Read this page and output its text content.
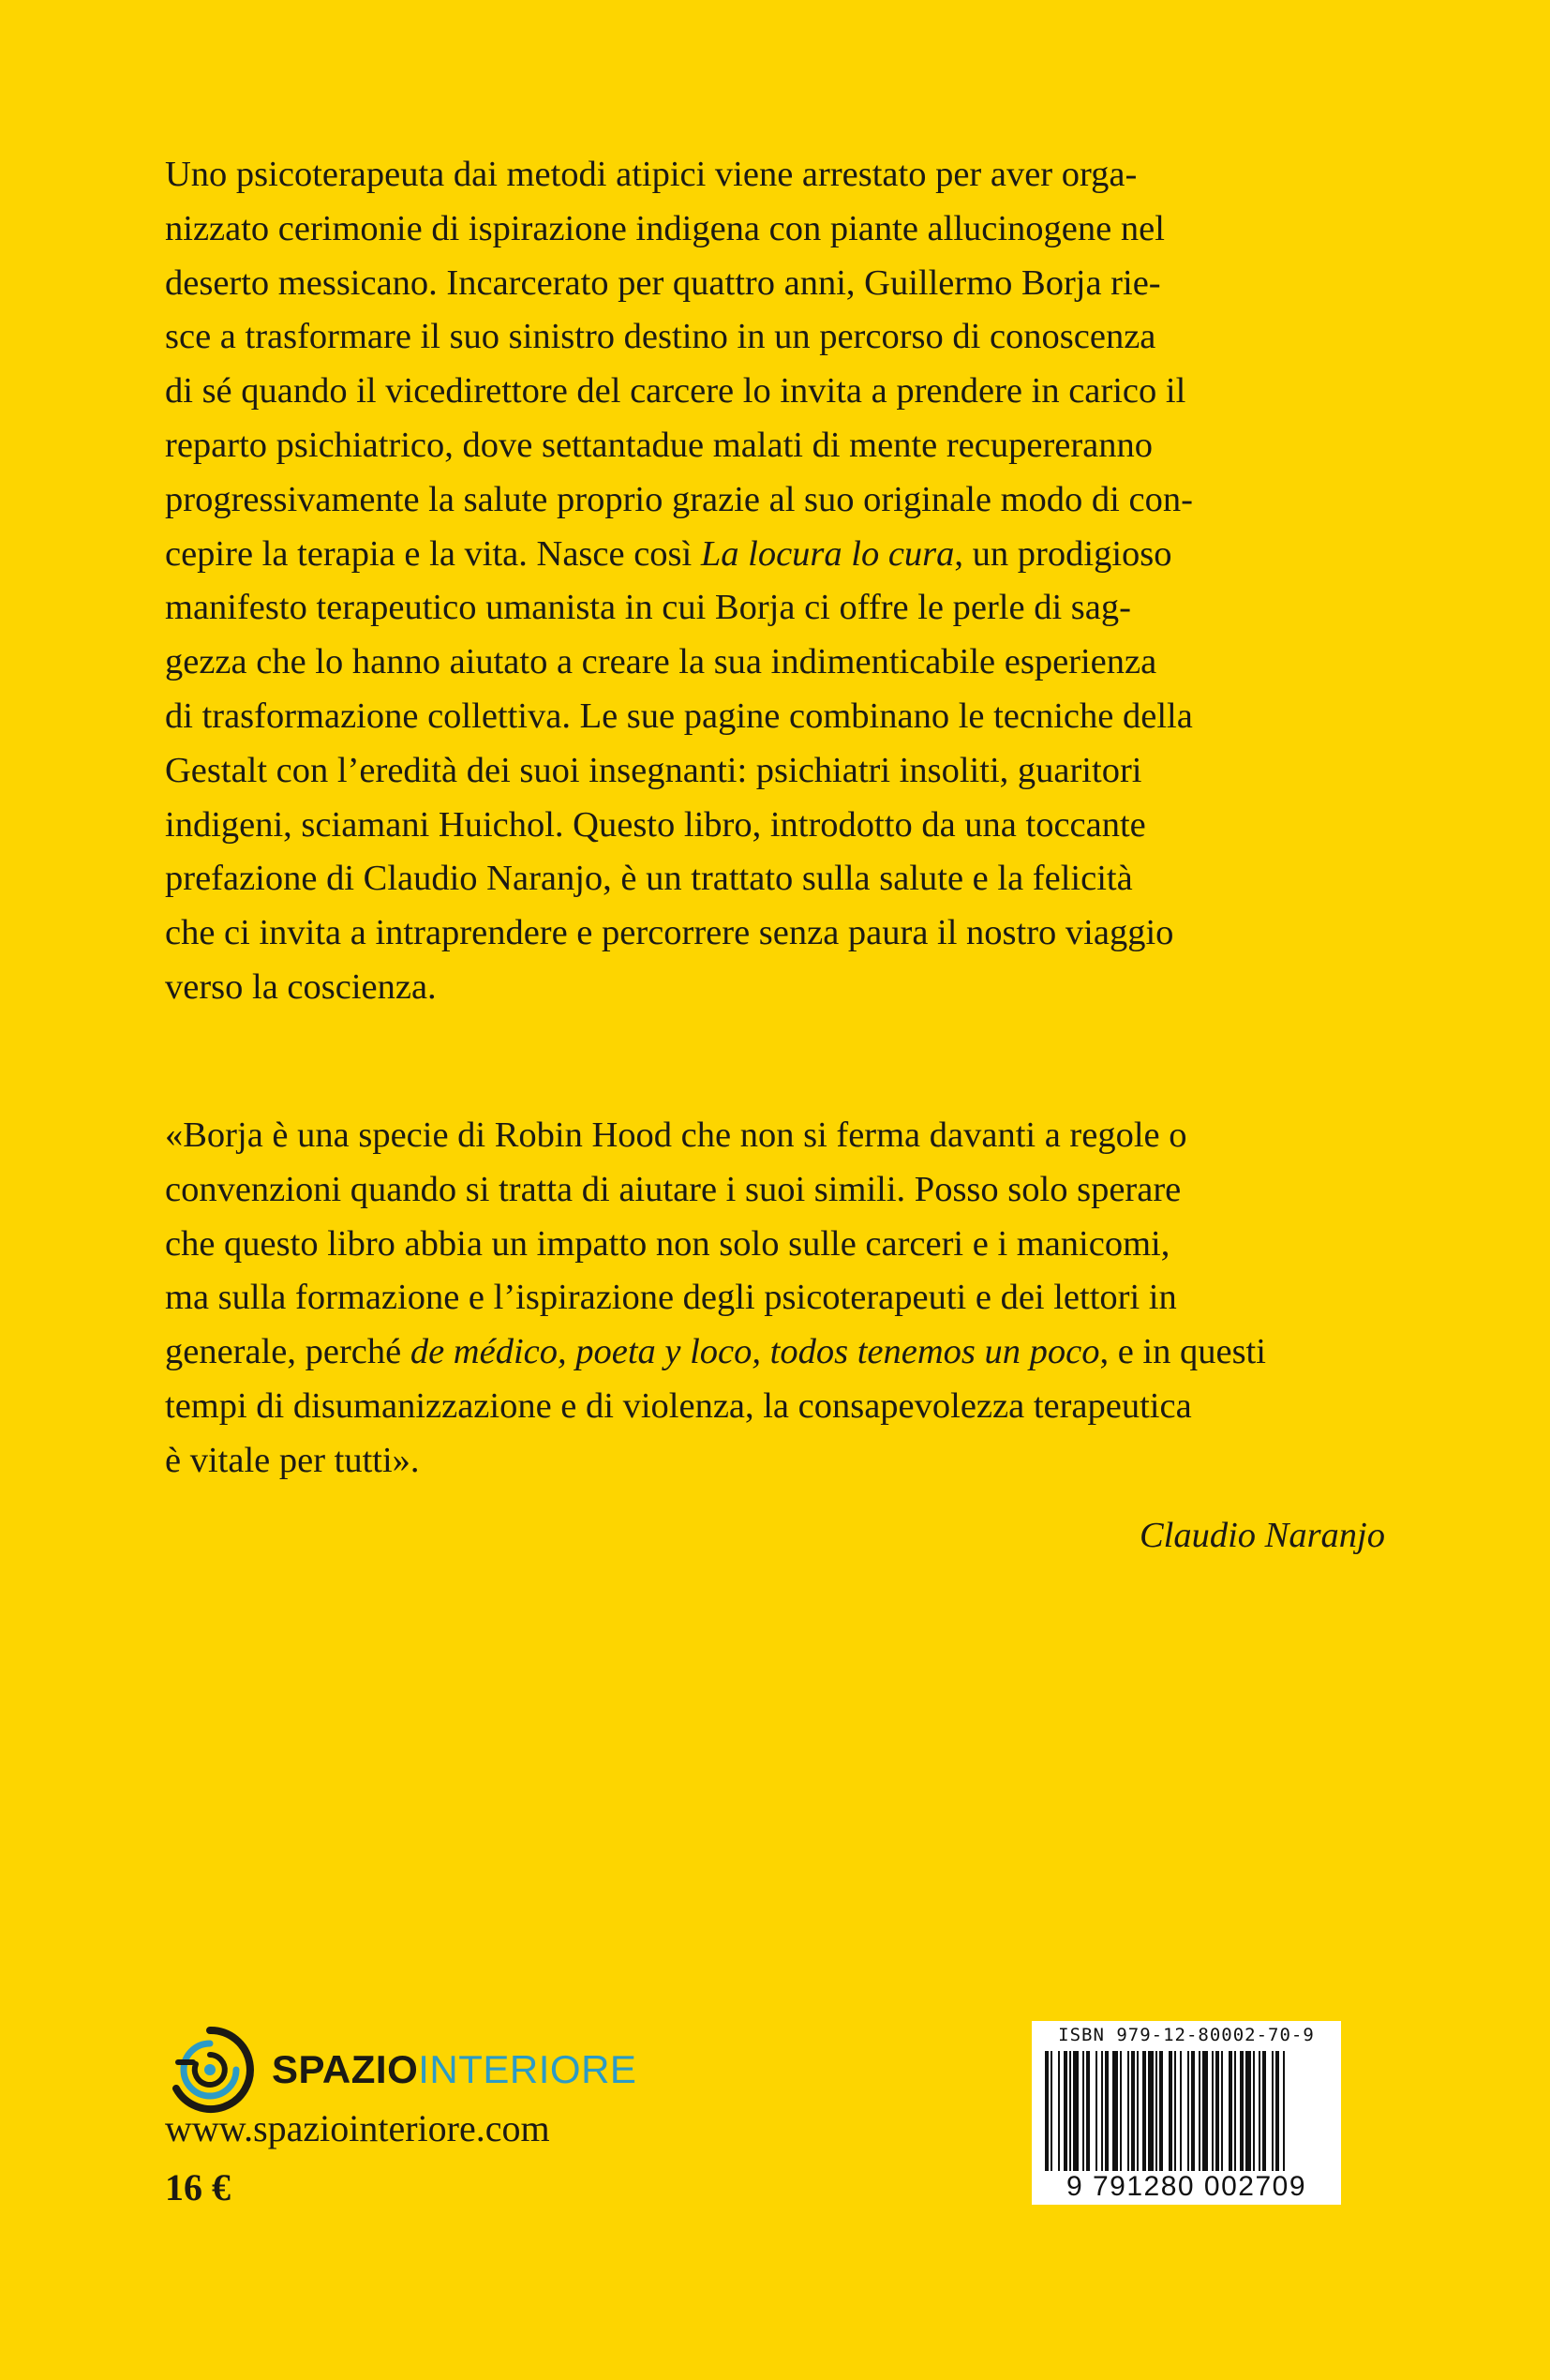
Uno psicoterapeuta dai metodi atipici viene arrestato per aver orga-
nizzato cerimonie di ispirazione indigena con piante allucinogene nel
deserto messicano. Incarcerato per quattro anni, Guillermo Borja rie-
sce a trasformare il suo sinistro destino in un percorso di conoscenza
di sé quando il vicedirettore del carcere lo invita a prendere in carico il
reparto psichiatrico, dove settantadue malati di mente recupereranno
progressivamente la salute proprio grazie al suo originale modo di con-
cepire la terapia e la vita. Nasce così La locura lo cura, un prodigioso
manifesto terapeutico umanista in cui Borja ci offre le perle di sag-
gezza che lo hanno aiutato a creare la sua indimenticabile esperienza
di trasformazione collettiva. Le sue pagine combinano le tecniche della
Gestalt con l’eredità dei suoi insegnanti: psichiatri insoliti, guaritori
indigeni, sciamani Huichol. Questo libro, introdotto da una toccante
prefazione di Claudio Naranjo, è un trattato sulla salute e la felicità
che ci invita a intraprendere e percorrere senza paura il nostro viaggio
verso la coscienza.

«Borja è una specie di Robin Hood che non si ferma davanti a regole o
convenzioni quando si tratta di aiutare i suoi simili. Posso solo sperare
che questo libro abbia un impatto non solo sulle carceri e i manicomi,
ma sulla formazione e l’ispirazione degli psicoterapeuti e dei lettori in
generale, perché de médico, poeta y loco, todos tenemos un poco, e in questi
tempi di disumanizzazione e di violenza, la consapevolezza terapeutica
è vitale per tutti».

Claudio Naranjo

SPAZIOINTERIORE

www.spaziointeriore.com

16 €

ISBN 979-12-80002-70-9
9 791280 002709
